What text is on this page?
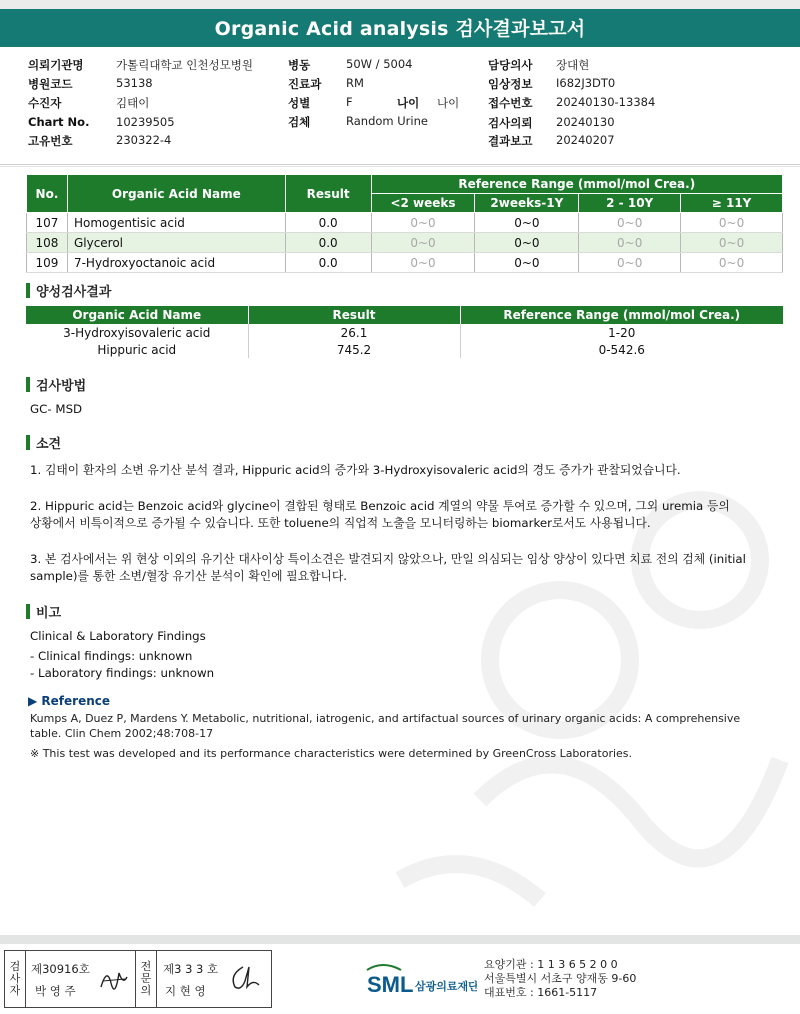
Organic Acid analysis 검사결과보고서
의뢰기관명	가톨릭대학교 인천성모병원
병원코드	53138
수진자	김태이
Chart No. 10239505
고유번호	230322-4
병동	50W / 5004
진료과 RM
성별	F	나이 나이
검체	Random Urine
담당의사 장대현
임상정보 I682J3DT0
접수번호 20240130-13384
검사의뢰 20240130
결과보고 20240207
No.	Organic Acid Name	Result	Reference Range (mmol/mol Crea.)			
			<2 weeks	2weeks-1Y	2 - 10Y	≥ 11Y
107	Homogentisic acid	0.0	0~0	0~0	0~0	0~0
108	Glycerol	0.0	0~0	0~0	0~0	0~0
109	7-Hydroxyoctanoic acid	0.0	0~0	0~0	0~0	0~0
양성검사결과
Organic Acid Name	Result	Reference Range (mmol/mol Crea.)
3-Hydroxyisovaleric acid	26.1	1-20
Hippuric acid	745.2	0-542.6
검사방법
GC- MSD
소견
1. 김태이 환자의 소변 유기산 분석 결과, Hippuric acid의 증가와 3-Hydroxyisovaleric acid의 경도 증가가 관찰되었습니다.
2. Hippuric acid는 Benzoic acid와 glycine이 결합된 형태로 Benzoic acid 계열의 약물 투여로 증가할 수 있으며, 그외 uremia 등의
상황에서 비특이적으로 증가될 수 있습니다. 또한 toluene의 직업적 노출을 모니터링하는 biomarker로서도 사용됩니다.
3. 본 검사에서는 위 현상 이외의 유기산 대사이상 특이소견은 발견되지 않았으나, 만일 의심되는 임상 양상이 있다면 치료 전의 검체 (initial
sample)를 통한 소변/혈장 유기산 분석이 확인에 필요합니다.
비고
Clinical & Laboratory Findings
- Clinical findings: unknown
- Laboratory findings: unknown
▶ Reference
Kumps A, Duez P, Mardens Y. Metabolic, nutritional, iatrogenic, and artifactual sources of urinary organic acids: A comprehensive
table. Clin Chem 2002;48:708-17
※ This test was developed and its performance characteristics were determined by GreenCross Laboratories.
검사자
제30916호
박 영 주
전문의
제3 3 3 호
지 현 영	SML 삼광의료재단
요양기관 : 1 1 3 6 5 2 0 0
서울특별시 서초구 양재동 9-60
대표번호 : 1661-5117
